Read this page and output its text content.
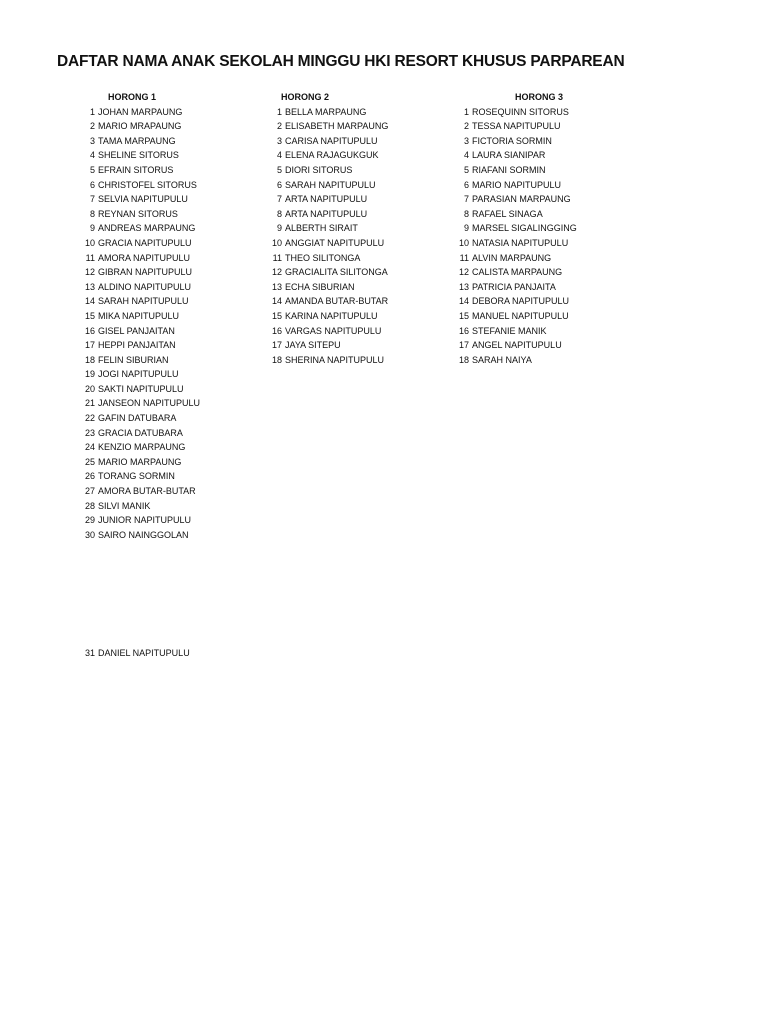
DAFTAR NAMA ANAK SEKOLAH MINGGU HKI RESORT KHUSUS PARPAREAN
HORONG 1
1 JOHAN MARPAUNG
2 MARIO MRAPAUNG
3 TAMA MARPAUNG
4 SHELINE SITORUS
5 EFRAIN SITORUS
6 CHRISTOFEL SITORUS
7 SELVIA NAPITUPULU
8 REYNAN SITORUS
9 ANDREAS MARPAUNG
10 GRACIA NAPITUPULU
11 AMORA NAPITUPULU
12 GIBRAN NAPITUPULU
13 ALDINO NAPITUPULU
14 SARAH NAPITUPULU
15 MIKA NAPITUPULU
16 GISEL PANJAITAN
17 HEPPI PANJAITAN
18 FELIN SIBURIAN
19 JOGI NAPITUPULU
20 SAKTI NAPITUPULU
21 JANSEON NAPITUPULU
22 GAFIN DATUBARA
23 GRACIA DATUBARA
24 KENZIO MARPAUNG
25 MARIO MARPAUNG
26 TORANG SORMIN
27 AMORA BUTAR-BUTAR
28 SILVI MANIK
29 JUNIOR NAPITUPULU
30 SAIRO NAINGGOLAN
HORONG 2
1 BELLA MARPAUNG
2 ELISABETH MARPAUNG
3 CARISA NAPITUPULU
4 ELENA RAJAGUKGUK
5 DIORI SITORUS
6 SARAH NAPITUPULU
7 ARTA NAPITUPULU
8 ARTA NAPITUPULU
9 ALBERTH SIRAIT
10 ANGGIAT NAPITUPULU
11 THEO SILITONGA
12 GRACIALITA SILITONGA
13 ECHA SIBURIAN
14 AMANDA BUTAR-BUTAR
15 KARINA NAPITUPULU
16 VARGAS NAPITUPULU
17 JAYA SITEPU
18 SHERINA NAPITUPULU
HORONG 3
1 ROSEQUINN SITORUS
2 TESSA NAPITUPULU
3 FICTORIA SORMIN
4 LAURA SIANIPAR
5 RIAFANI SORMIN
6 MARIO NAPITUPULU
7 PARASIAN MARPAUNG
8 RAFAEL SINAGA
9 MARSEL SIGALINGGING
10 NATASIA NAPITUPULU
11 ALVIN MARPAUNG
12 CALISTA MARPAUNG
13 PATRICIA PANJAITA
14 DEBORA NAPITUPULU
15 MANUEL NAPITUPULU
16 STEFANIE MANIK
17 ANGEL NAPITUPULU
18 SARAH NAIYA
31 DANIEL NAPITUPULU
